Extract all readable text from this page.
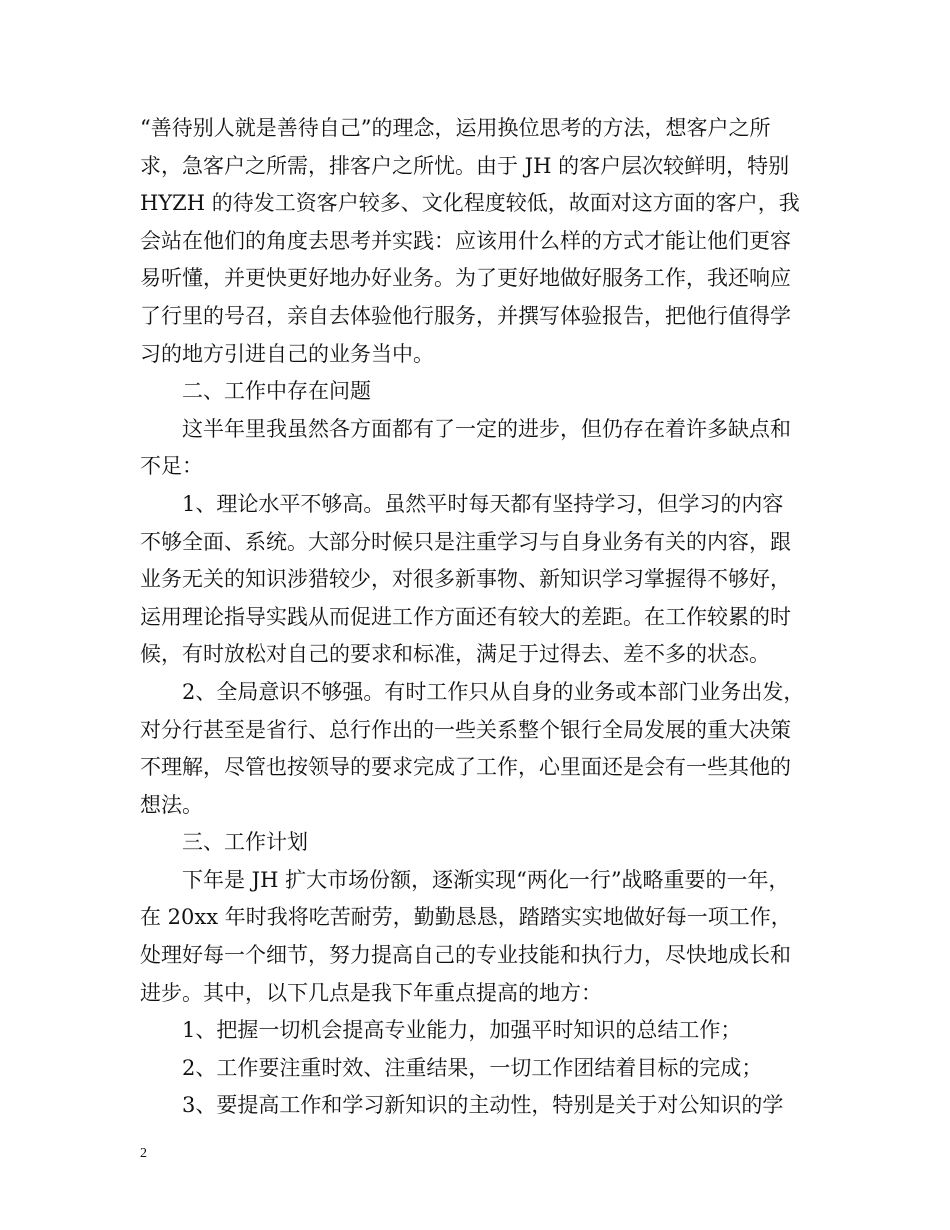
“善待别人就是善待自己”的理念，运用换位思考的方法，想客户之所
求，急客户之所需，排客户之所忧。由于 JH 的客户层次较鲜明，特别
HYZH 的待发工资客户较多、文化程度较低，故面对这方面的客户，我
会站在他们的角度去思考并实践：应该用什么样的方式才能让他们更容
易听懂，并更快更好地办好业务。为了更好地做好服务工作，我还响应
了行里的号召，亲自去体验他行服务，并撰写体验报告，把他行值得学
习的地方引进自己的业务当中。
二、工作中存在问题
这半年里我虽然各方面都有了一定的进步，但仍存在着许多缺点和
不足：
1、理论水平不够高。虽然平时每天都有坚持学习，但学习的内容
不够全面、系统。大部分时候只是注重学习与自身业务有关的内容，跟
业务无关的知识涉猎较少，对很多新事物、新知识学习掌握得不够好，
运用理论指导实践从而促进工作方面还有较大的差距。在工作较累的时
候，有时放松对自己的要求和标准，满足于过得去、差不多的状态。
2、全局意识不够强。有时工作只从自身的业务或本部门业务出发，
对分行甚至是省行、总行作出的一些关系整个银行全局发展的重大决策
不理解，尽管也按领导的要求完成了工作，心里面还是会有一些其他的
想法。
三、工作计划
下年是 JH 扩大市场份额，逐渐实现“两化一行”战略重要的一年，
在 20xx 年时我将吃苦耐劳，勤勤恳恳，踏踏实实地做好每一项工作，
处理好每一个细节，努力提高自己的专业技能和执行力，尽快地成长和
进步。其中，以下几点是我下年重点提高的地方：
1、把握一切机会提高专业能力，加强平时知识的总结工作；
2、工作要注重时效、注重结果，一切工作团结着目标的完成；
3、要提高工作和学习新知识的主动性，特别是关于对公知识的学
2
